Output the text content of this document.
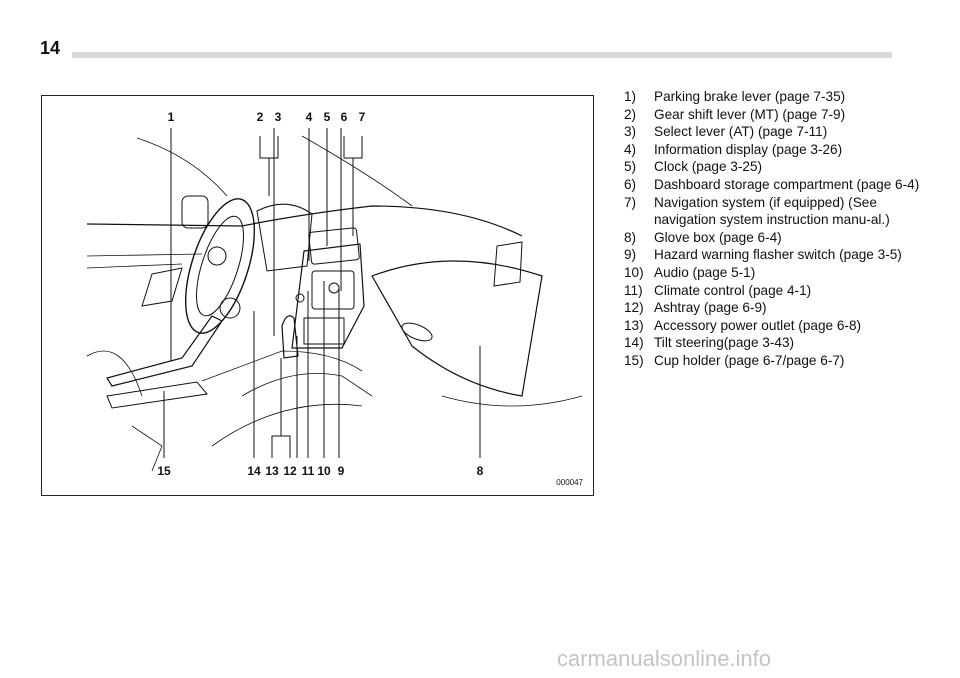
14
1	2 3 4 5 6 7
15	14 13 12 11 10 9	8
000047
1)	Parking brake lever (page 7-35)
2)	Gear shift lever (MT) (page 7-9)
3)	Select lever (AT) (page 7-11)
4)	Information display (page 3-26)
5)	Clock (page 3-25)
6)	Dashboard storage compartment (page 6-4)
7)	Navigation system (if equipped) (See navigation system instruction manu-al.)
8)	Glove box (page 6-4)
9)	Hazard warning flasher switch (page 3-5)
10) Audio (page 5-1)
11) Climate control (page 4-1)
12) Ashtray (page 6-9)
13) Accessory power outlet (page 6-8)
14) Tilt steering(page 3-43)
15) Cup holder (page 6-7/page 6-7)
carmanualsonline.info
